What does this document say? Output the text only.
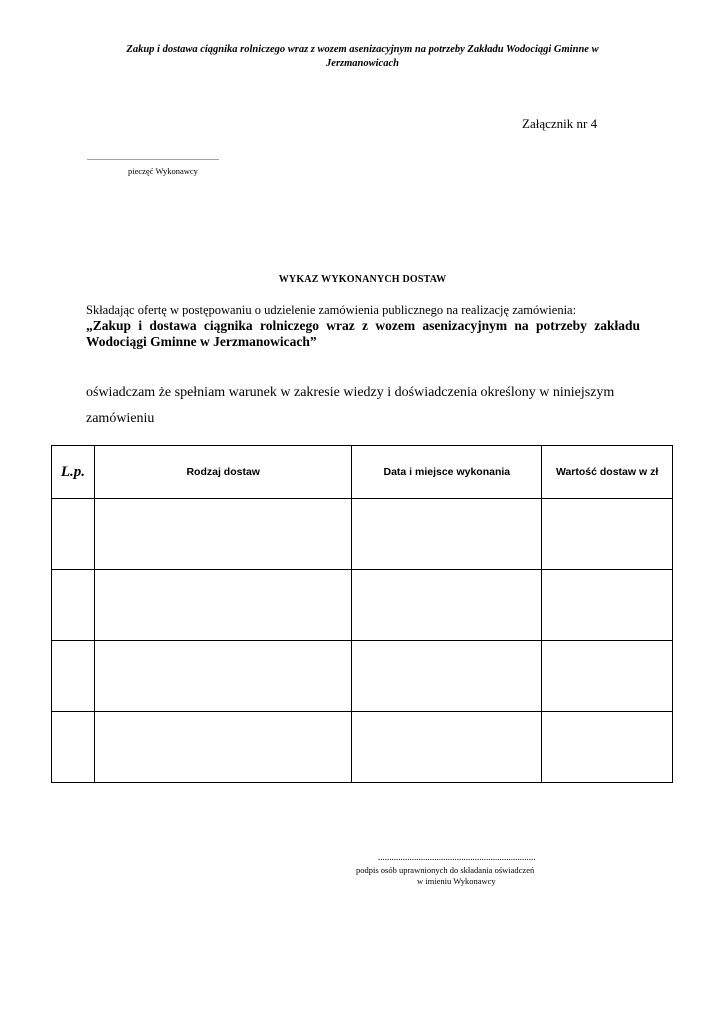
Zakup i dostawa ciągnika rolniczego wraz z wozem asenizacyjnym na potrzeby Zakładu Wodociągi Gminne w
Jerzmanowicach
Załącznik nr 4
..................................................................
pieczęć Wykonawcy
WYKAZ WYKONANYCH DOSTAW
Składając ofertę w postępowaniu o udzielenie zamówienia publicznego na realizację zamówienia:
„Zakup i dostawa ciągnika rolniczego wraz z wozem asenizacyjnym na potrzeby zakładu Wodociągi Gminne w Jerzmanowicach”
oświadczam że spełniam warunek w zakresie wiedzy i doświadczenia określony w niniejszym zamówieniu
L.p.	Rodzaj dostaw	Data i miejsce wykonania	Wartość dostaw w zł

......................................................................
podpis osób uprawnionych do składania oświadczeń
w imieniu Wykonawcy
